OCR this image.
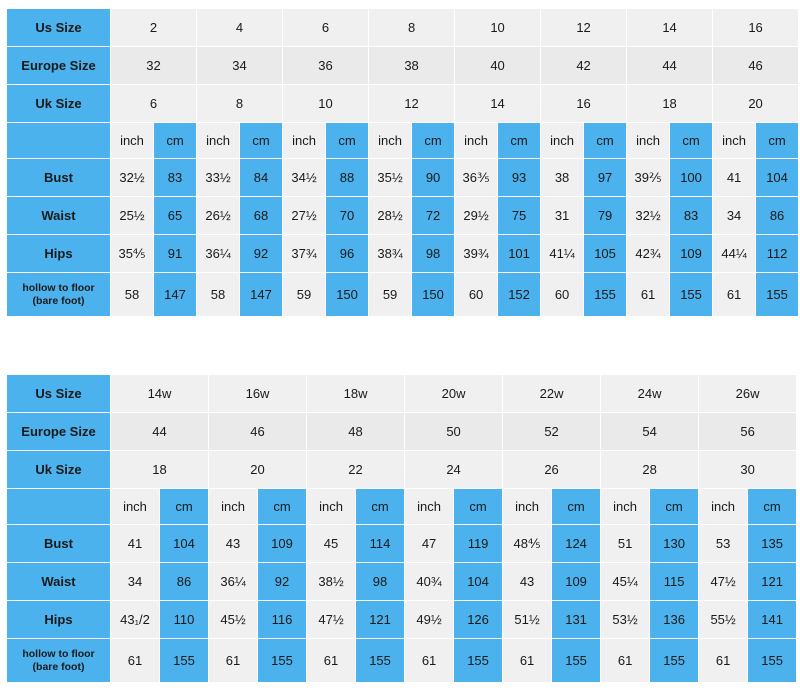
Us Size	2		4		6		8		10		12		14		16	
Europe Size	32		34		36		38		40		42		44		46	
Uk Size	6		8		10		12		14		16		18		20	
	inch	cm	inch	cm	inch	cm	inch	cm	inch	cm	inch	cm	inch	cm	inch	cm
Bust	32½	83	33½	84	34½	88	35½	90	36⅗	93	38	97	39⅖	100	41	104
Waist	25½	65	26½	68	27½	70	28½	72	29½	75	31	79	32½	83	34	86
Hips	35⅘	91	36¼	92	37¾	96	38¾	98	39¾	101	41¼	105	42¾	109	44¼	112
hollow to floor
(bare foot)	58	147	58	147	59	150	59	150	60	152	60	155	61	155	61	155
Us Size	14w		16w		18w		20w		22w		24w		26w	
Europe Size	44		46		48		50		52		54		56	
Uk Size	18		20		22		24		26		28		30	
	inch	cm	inch	cm	inch	cm	inch	cm	inch	cm	inch	cm	inch	cm
Bust	41	104	43	109	45	114	47	119	48⅘	124	51	130	53	135
Waist	34	86	36¼	92	38½	98	40¾	104	43	109	45¼	115	47½	121
Hips	43₁/2	110	45½	116	47½	121	49½	126	51½	131	53½	136	55½	141
hollow to floor
(bare foot)	61	155	61	155	61	155	61	155	61	155	61	155	61	155
